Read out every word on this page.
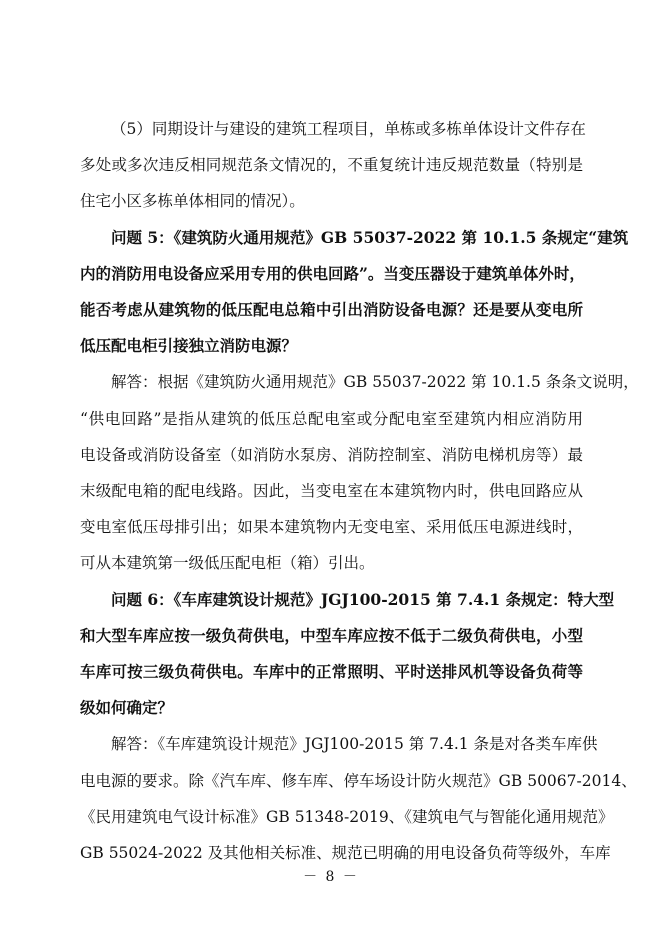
（5）同期设计与建设的建筑工程项目，单栋或多栋单体设计文件存在
多处或多次违反相同规范条文情况的，不重复统计违反规范数量（特别是
住宅小区多栋单体相同的情况）。
问题 5：《建筑防火通用规范》GB 55037-2022 第 10.1.5 条规定“建筑
内的消防用电设备应采用专用的供电回路”。当变压器设于建筑单体外时，
能否考虑从建筑物的低压配电总箱中引出消防设备电源？还是要从变电所
低压配电柜引接独立消防电源？
解答：根据《建筑防火通用规范》GB 55037-2022 第 10.1.5 条条文说明，
“供电回路”是指从建筑的低压总配电室或分配电室至建筑内相应消防用
电设备或消防设备室（如消防水泵房、消防控制室、消防电梯机房等）最
末级配电箱的配电线路。因此，当变电室在本建筑物内时，供电回路应从
变电室低压母排引出；如果本建筑物内无变电室、采用低压电源进线时，
可从本建筑第一级低压配电柜（箱）引出。
问题 6：《车库建筑设计规范》JGJ100-2015 第 7.4.1 条规定：特大型
和大型车库应按一级负荷供电，中型车库应按不低于二级负荷供电，小型
车库可按三级负荷供电。车库中的正常照明、平时送排风机等设备负荷等
级如何确定？
解答：《车库建筑设计规范》JGJ100-2015 第 7.4.1 条是对各类车库供
电电源的要求。除《汽车库、修车库、停车场设计防火规范》GB 50067-2014、
《民用建筑电气设计标准》GB 51348-2019、《建筑电气与智能化通用规范》
GB 55024-2022 及其他相关标准、规范已明确的用电设备负荷等级外，车库
－ 8 －
